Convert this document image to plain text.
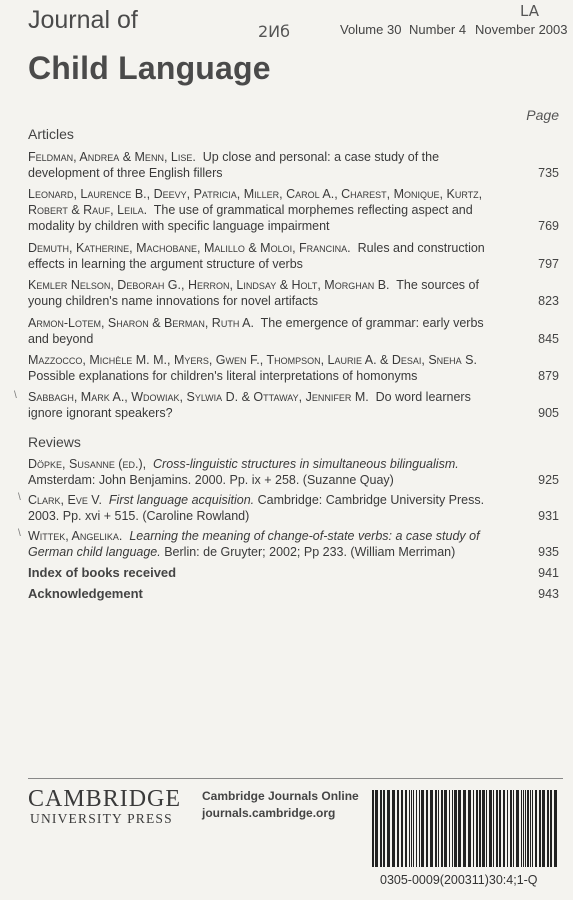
Journal of
Child Language
2Иб
LA
Volume 30 Number 4 November 2003
Page
Articles
Feldman, Andrea & Menn, Lise. Up close and personal: a case study of the development of three English fillers	735
Leonard, Laurence B., Deevy, Patricia, Miller, Carol A., Charest, Monique, Kurtz, Robert & Rauf, Leila. The use of grammatical morphemes reflecting aspect and modality by children with specific language impairment	769
Demuth, Katherine, Machobane, Malillo & Moloi, Francina. Rules and construction effects in learning the argument structure of verbs	797
Kemler Nelson, Deborah G., Herron, Lindsay & Holt, Morghan B. The sources of young children's name innovations for novel artifacts	823
Armon-Lotem, Sharon & Berman, Ruth A. The emergence of grammar: early verbs and beyond	845
Mazzocco, Michèle M. M., Myers, Gwen F., Thompson, Laurie A. & Desai, Sneha S.  Possible explanations for children's literal interpretations of homonyms	879
Sabbagh, Mark A., Wdowiak, Sylwia D. & Ottaway, Jennifer M. Do word learners ignore ignorant speakers?	905
Reviews
Döpke, Susanne (ed.), Cross-linguistic structures in simultaneous bilingualism. Amsterdam: John Benjamins. 2000. Pp. ix + 258. (Suzanne Quay)	925
Clark, Eve V. First language acquisition. Cambridge: Cambridge University Press. 2003. Pp. xvi + 515. (Caroline Rowland)	931
Wittek, Angelika. Learning the meaning of change-of-state verbs: a case study of German child language. Berlin: de Gruyter; 2002; Pp 233. (William Merriman)	935
Index of books received	941
Acknowledgement	943
\
\
\
CAMBRIDGE
UNIVERSITY PRESS
Cambridge Journals Online
journals.cambridge.org
0305-0009(200311)30:4;1-Q
